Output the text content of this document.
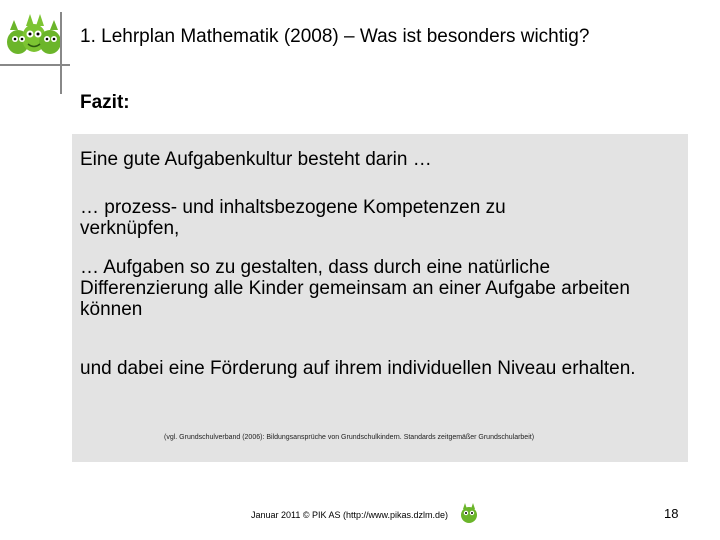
1. Lehrplan Mathematik (2008) – Was ist besonders wichtig?
Fazit:
Eine gute Aufgabenkultur besteht darin …
… prozess- und inhaltsbezogene Kompetenzen zu verknüpfen,
… Aufgaben so zu gestalten, dass durch eine natürliche Differenzierung alle Kinder gemeinsam an einer Aufgabe arbeiten können
und dabei eine Förderung auf ihrem individuellen Niveau erhalten.
(vgl. Grundschulverband (2006): Bildungsansprüche von Grundschulkindern. Standards zeitgemäßer Grundschularbeit)
Januar 2011 © PIK AS (http://www.pikas.dzlm.de)	18
